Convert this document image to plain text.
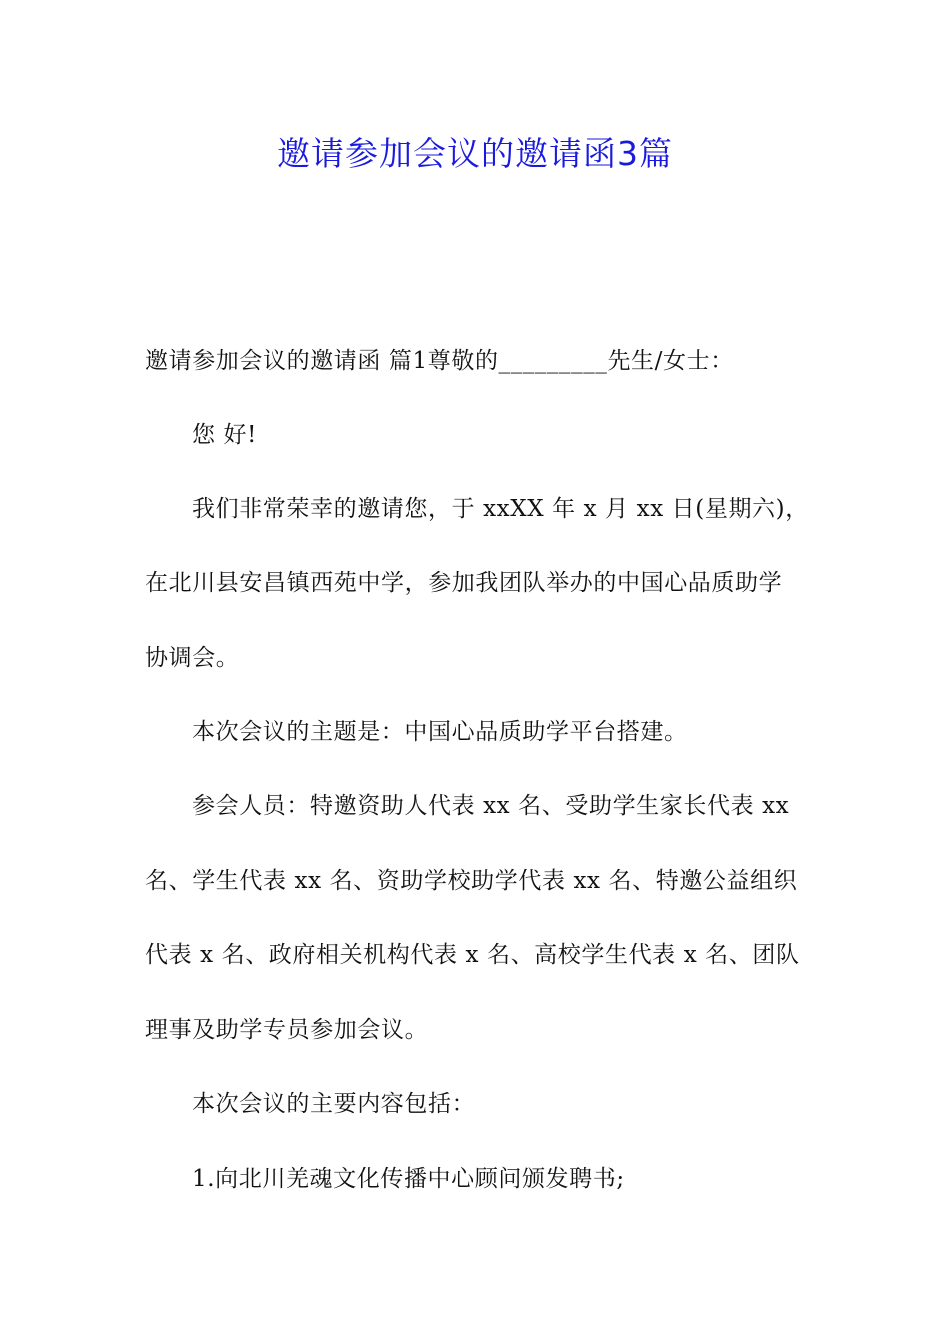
邀请参加会议的邀请函3篇
邀请参加会议的邀请函 篇1尊敬的_________先生/女士：
您 好!
我们非常荣幸的邀请您，于 xxXX 年 x 月 xx 日(星期六)，
在北川县安昌镇西苑中学，参加我团队举办的中国心品质助学
协调会。
本次会议的主题是：中国心品质助学平台搭建。
参会人员：特邀资助人代表 xx 名、受助学生家长代表 xx
名、学生代表 xx 名、资助学校助学代表 xx 名、特邀公益组织
代表 x 名、政府相关机构代表 x 名、高校学生代表 x 名、团队
理事及助学专员参加会议。
本次会议的主要内容包括：
1.向北川羌魂文化传播中心顾问颁发聘书;
